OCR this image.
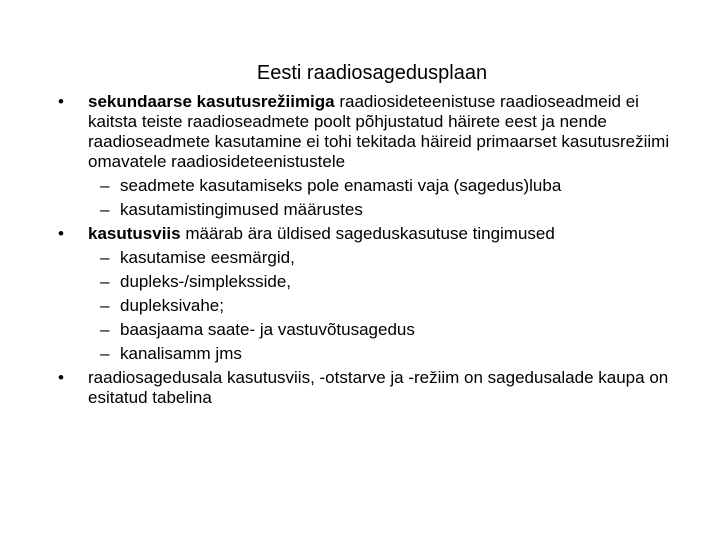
Eesti raadiosagedusplaan
•	sekundaarse kasutusrežiimiga raadiosideteenistuse raadioseadmeid ei kaitsta teiste raadioseadmete poolt põhjustatud häirete eest ja nende raadioseadmete kasutamine ei tohi tekitada häireid primaarset kasutusrežiimi omavatele raadiosideteenistustele
– seadmete kasutamiseks pole enamasti vaja (sagedus)luba
– kasutamistingimused määrustes
•	kasutusviis määrab ära üldised sageduskasutuse tingimused
– kasutamise eesmärgid,
– dupleks-/simpleksside,
– dupleksivahe;
– baasjaama saate- ja vastuvõtusagedus
– kanalisamm jms
•	raadiosagedusala kasutusviis, -otstarve ja -režiim on sagedusalade kaupa on esitatud tabelina
